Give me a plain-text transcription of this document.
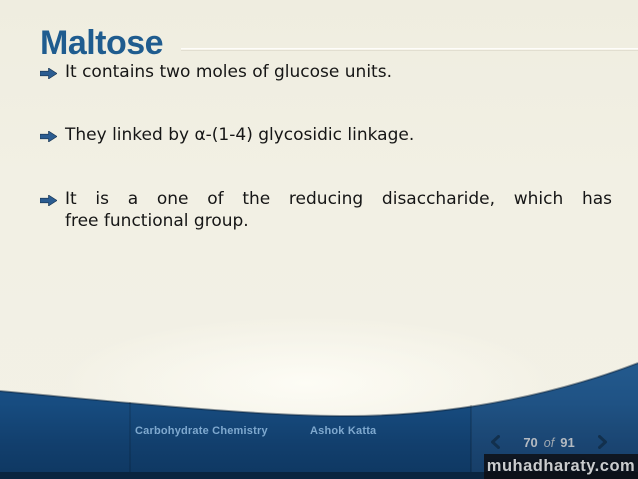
Maltose
It contains two moles of glucose units.
They linked by α-(1-4) glycosidic linkage.
It is a one of the reducing disaccharide, which has
free functional group.
Carbohydrate Chemistry	Ashok Katta
70 of 91
muhadharaty.com
